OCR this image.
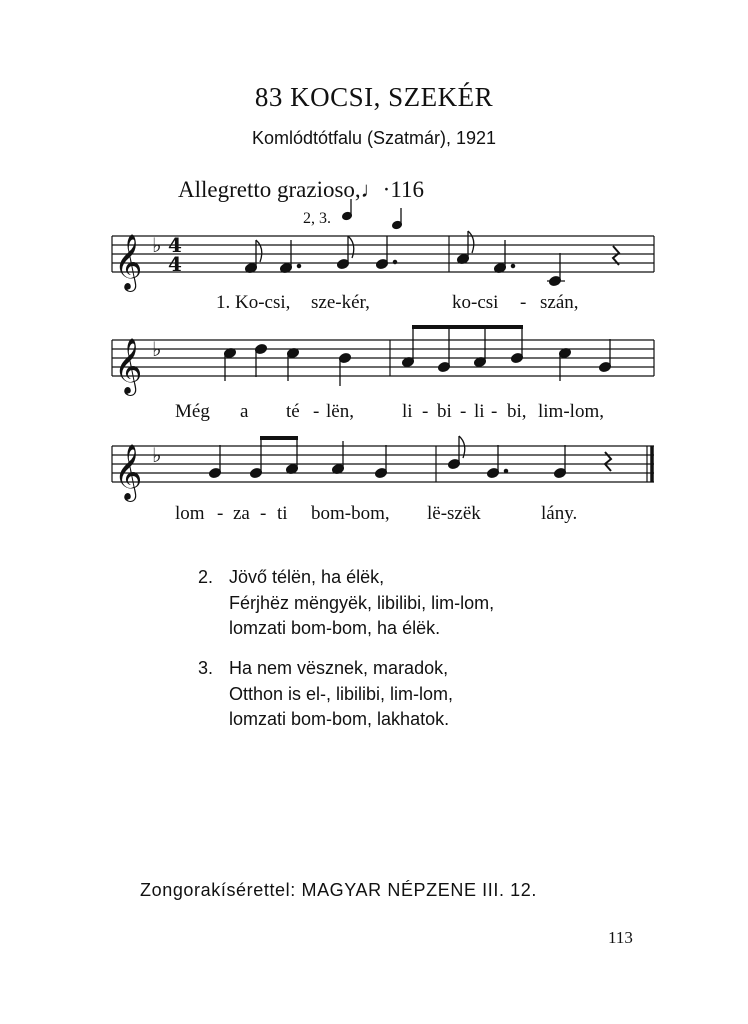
83 KOCSI, SZEKÉR
Komlódtótfalu (Szatmár), 1921
Allegretto grazioso,♩·116
2, 3.
𝄞
𝄞
𝄞
♭
♭
♭
4
4
1. Ko-csi, sze-kér,	ko-csi - szán,
Még a té - lën,	li - bi - li - bi, lim-lom,
lom - za - ti bom-bom, lë-szëk	lány.
2. Jövő télën, ha élëk,
Férjhëz mëngyëk, libilibi, lim-lom,
lomzati bom-bom, ha élëk.
3. Ha nem vësznek, maradok,
Otthon is el-, libilibi, lim-lom,
lomzati bom-bom, lakhatok.
Zongorakísérettel: MAGYAR NÉPZENE III. 12.
113
